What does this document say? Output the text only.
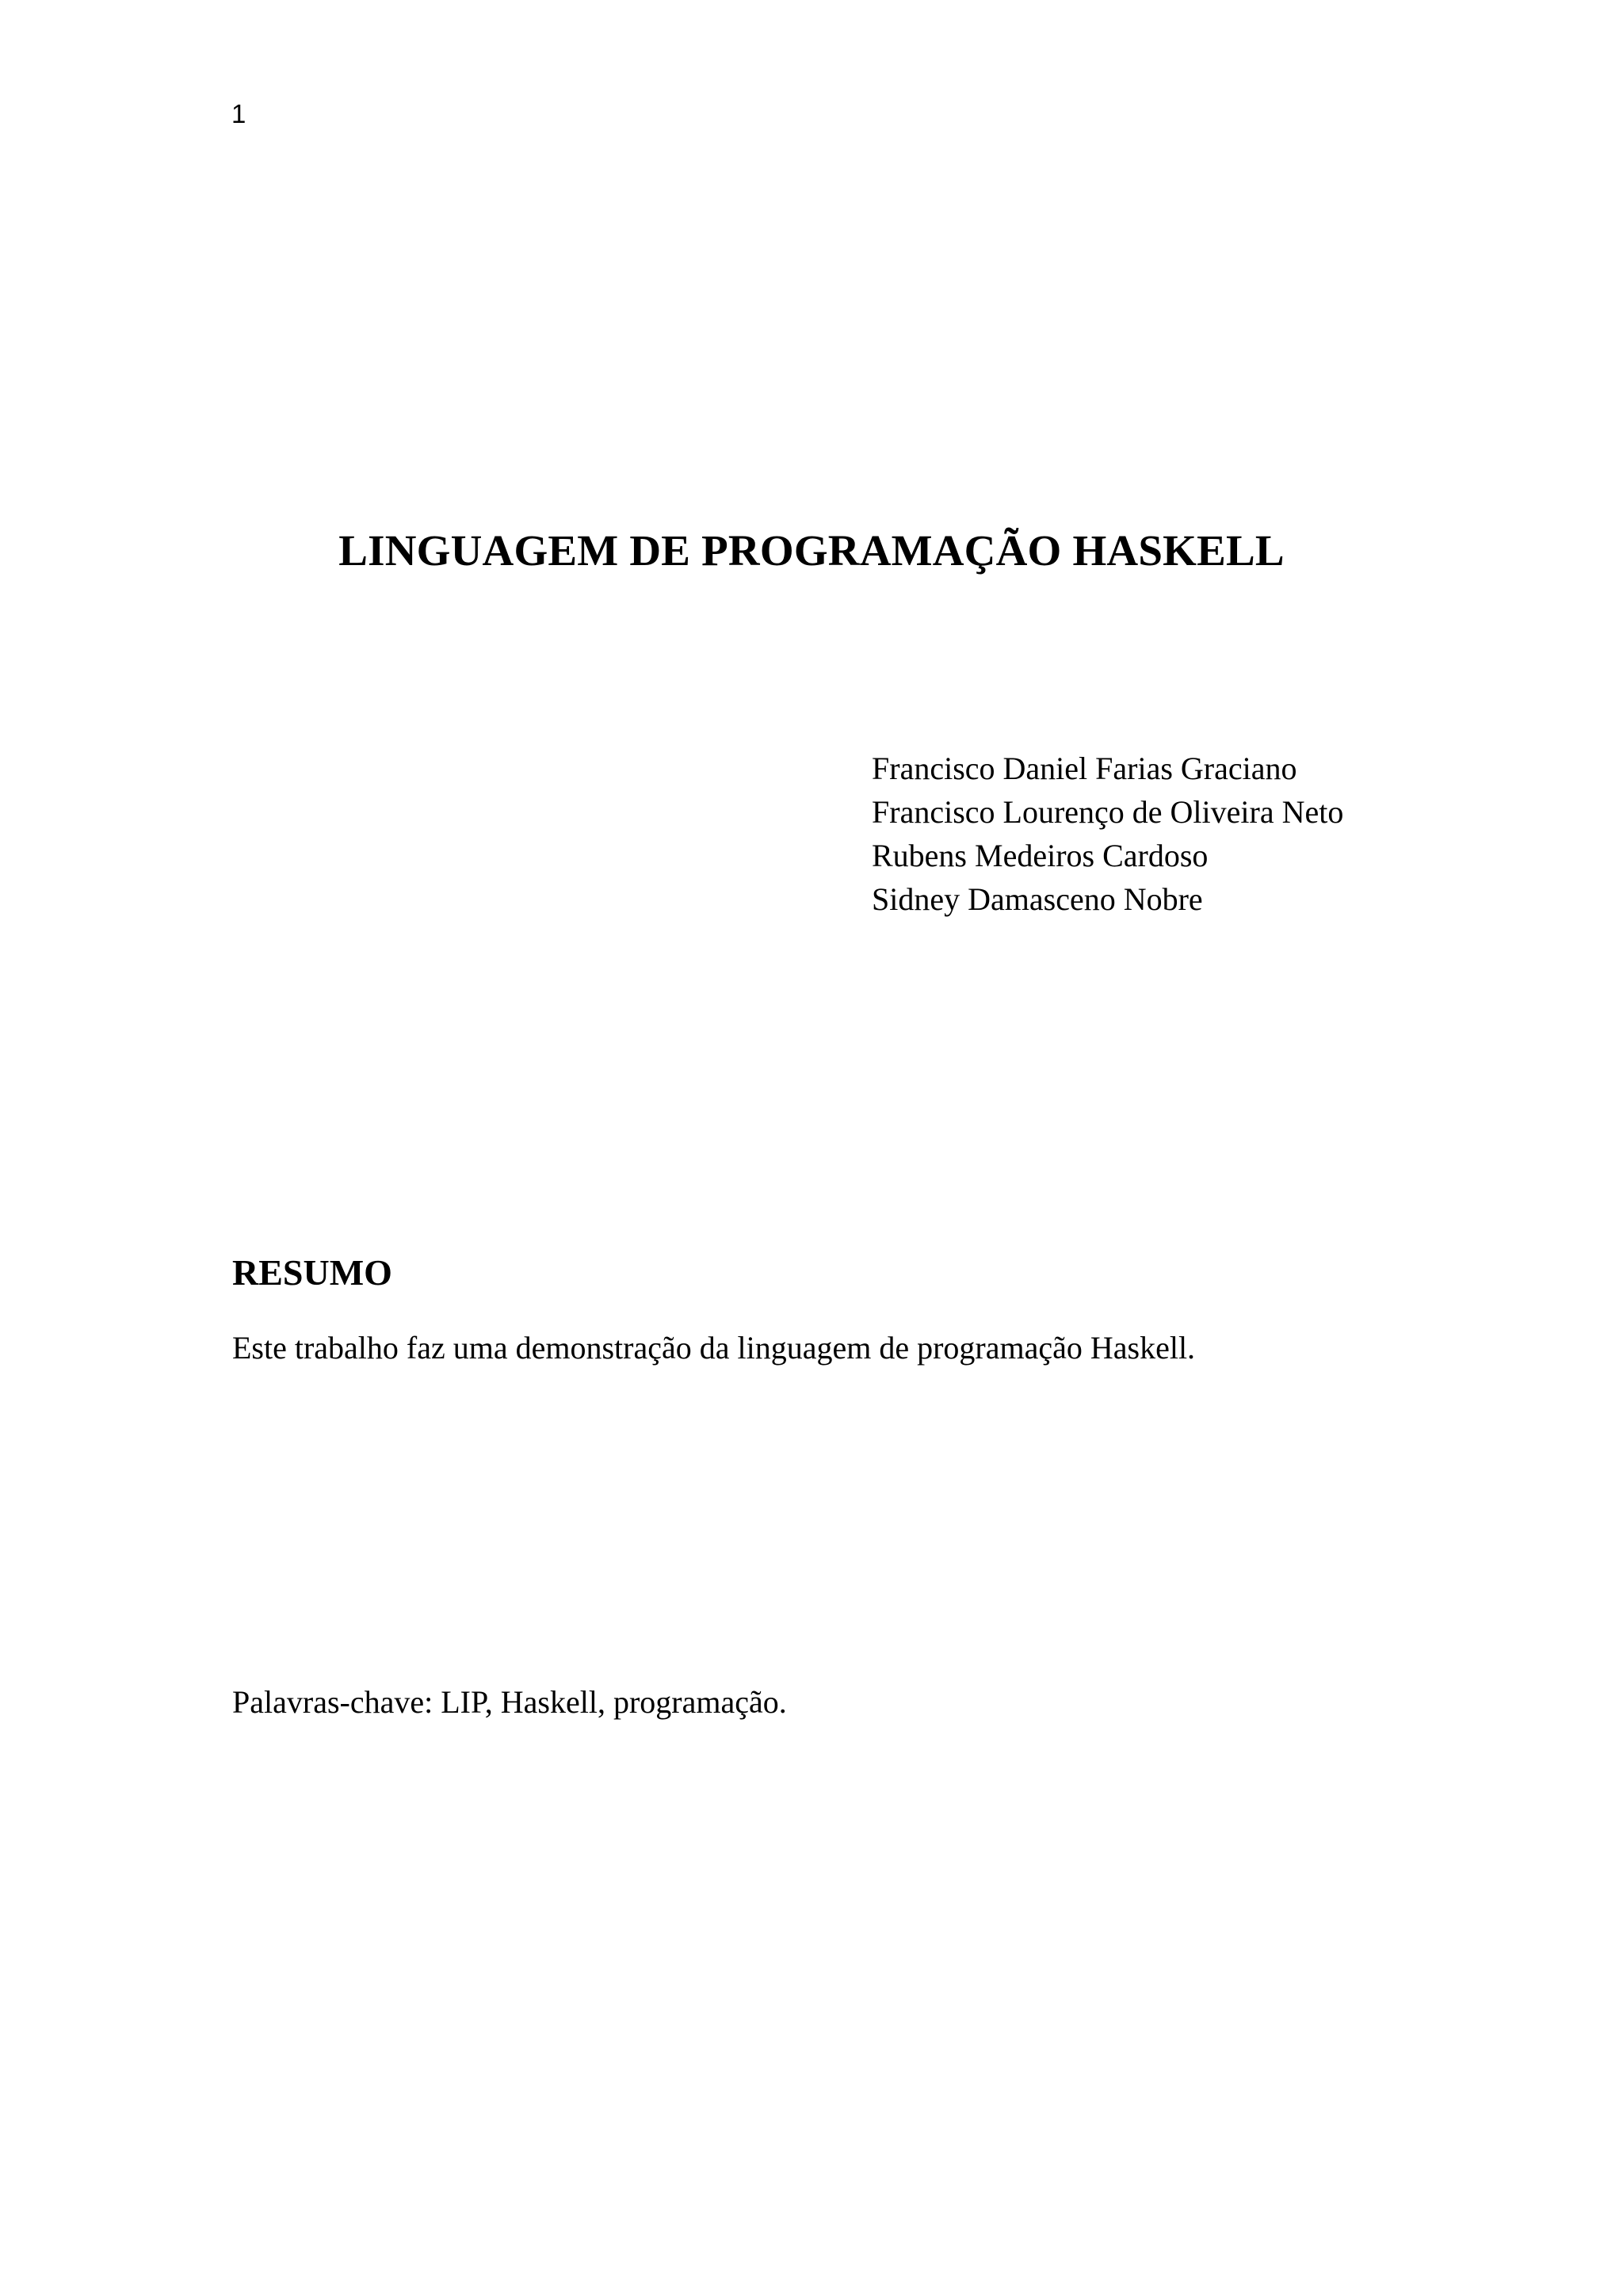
1
LINGUAGEM DE PROGRAMAÇÃO HASKELL
Francisco Daniel Farias Graciano
Francisco Lourenço de Oliveira Neto
Rubens Medeiros Cardoso
Sidney Damasceno Nobre
RESUMO

Este trabalho faz uma demonstração da linguagem de programação Haskell.

Palavras-chave: LIP, Haskell, programação.
